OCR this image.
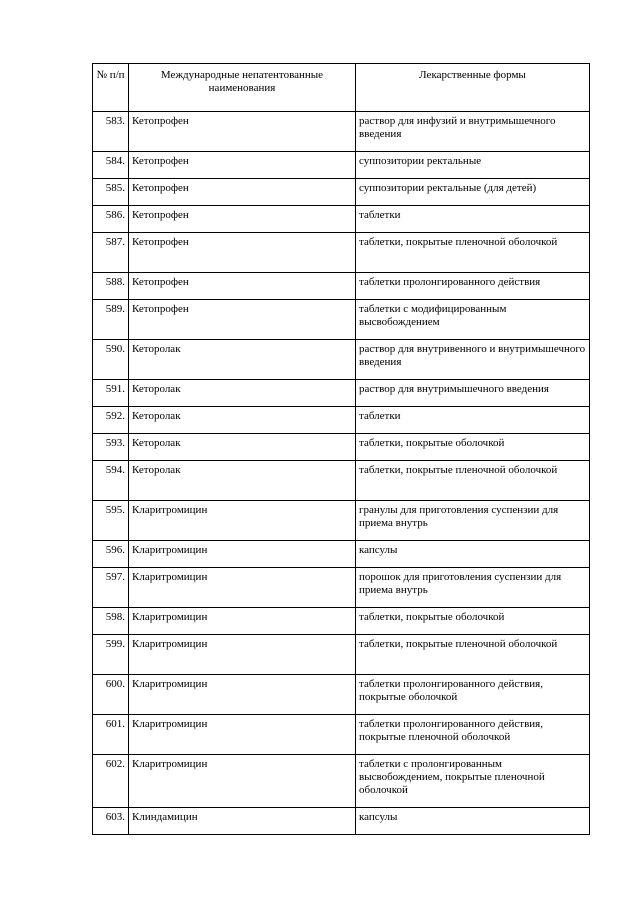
№ п/п	Международные непатентованные наименования	Лекарственные формы
583.	Кетопрофен	раствор для инфузий и внутримышечного введения
584.	Кетопрофен	суппозитории ректальные
585.	Кетопрофен	суппозитории ректальные (для детей)
586.	Кетопрофен	таблетки
587.	Кетопрофен	таблетки, покрытые пленочной оболочкой
588.	Кетопрофен	таблетки пролонгированного действия
589.	Кетопрофен	таблетки с модифицированным высвобождением
590.	Кеторолак	раствор для внутривенного и внутримышечного введения
591.	Кеторолак	раствор для внутримышечного введения
592.	Кеторолак	таблетки
593.	Кеторолак	таблетки, покрытые оболочкой
594.	Кеторолак	таблетки, покрытые пленочной оболочкой
595.	Кларитромицин	гранулы для приготовления суспензии для приема внутрь
596.	Кларитромицин	капсулы
597.	Кларитромицин	порошок для приготовления суспензии для приема внутрь
598.	Кларитромицин	таблетки, покрытые оболочкой
599.	Кларитромицин	таблетки, покрытые пленочной оболочкой
600.	Кларитромицин	таблетки пролонгированного действия, покрытые оболочкой
601.	Кларитромицин	таблетки пролонгированного действия, покрытые пленочной оболочкой
602.	Кларитромицин	таблетки с пролонгированным высвобождением, покрытые пленочной оболочкой
603.	Клиндамицин	капсулы
